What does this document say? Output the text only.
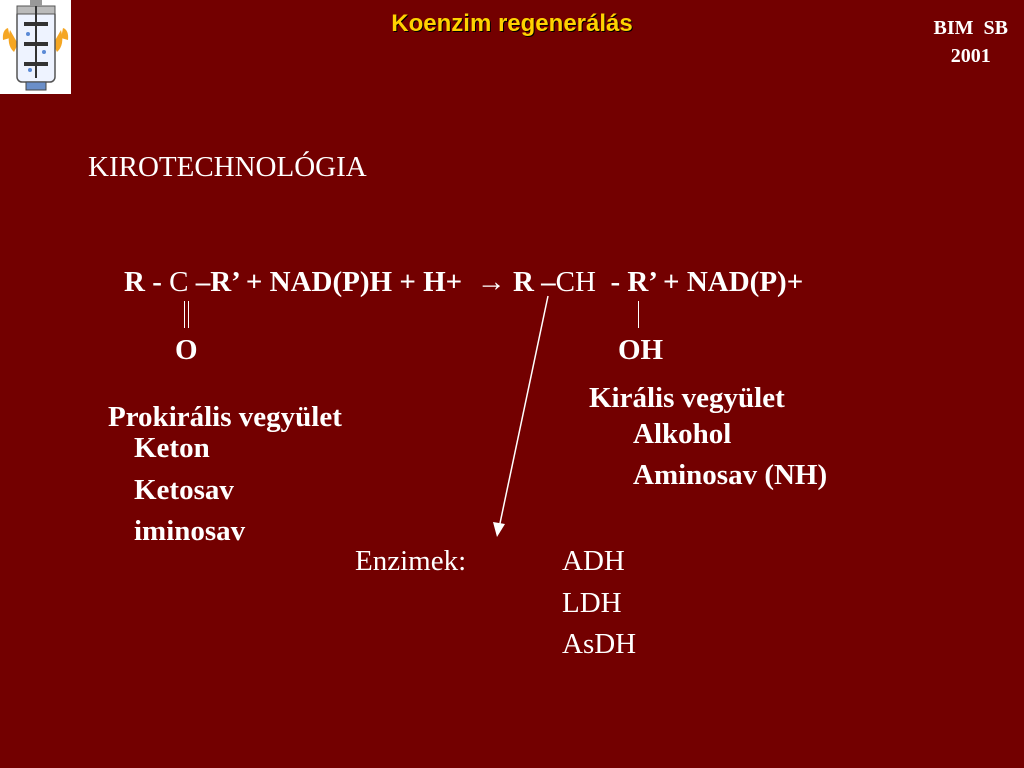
Koenzim regenerálás	BIM  SB
2001
KIROTECHNOLÓGIA
R - C –R’ + NAD(P)H + H+  → R –CH  - R’ + NAD(P)+
O	OH
Prokirális vegyület
Keton
Ketosav
iminosav
Királis vegyület
Alkohol
Aminosav (NH)
Enzimek:	ADH
LDH
AsDH
